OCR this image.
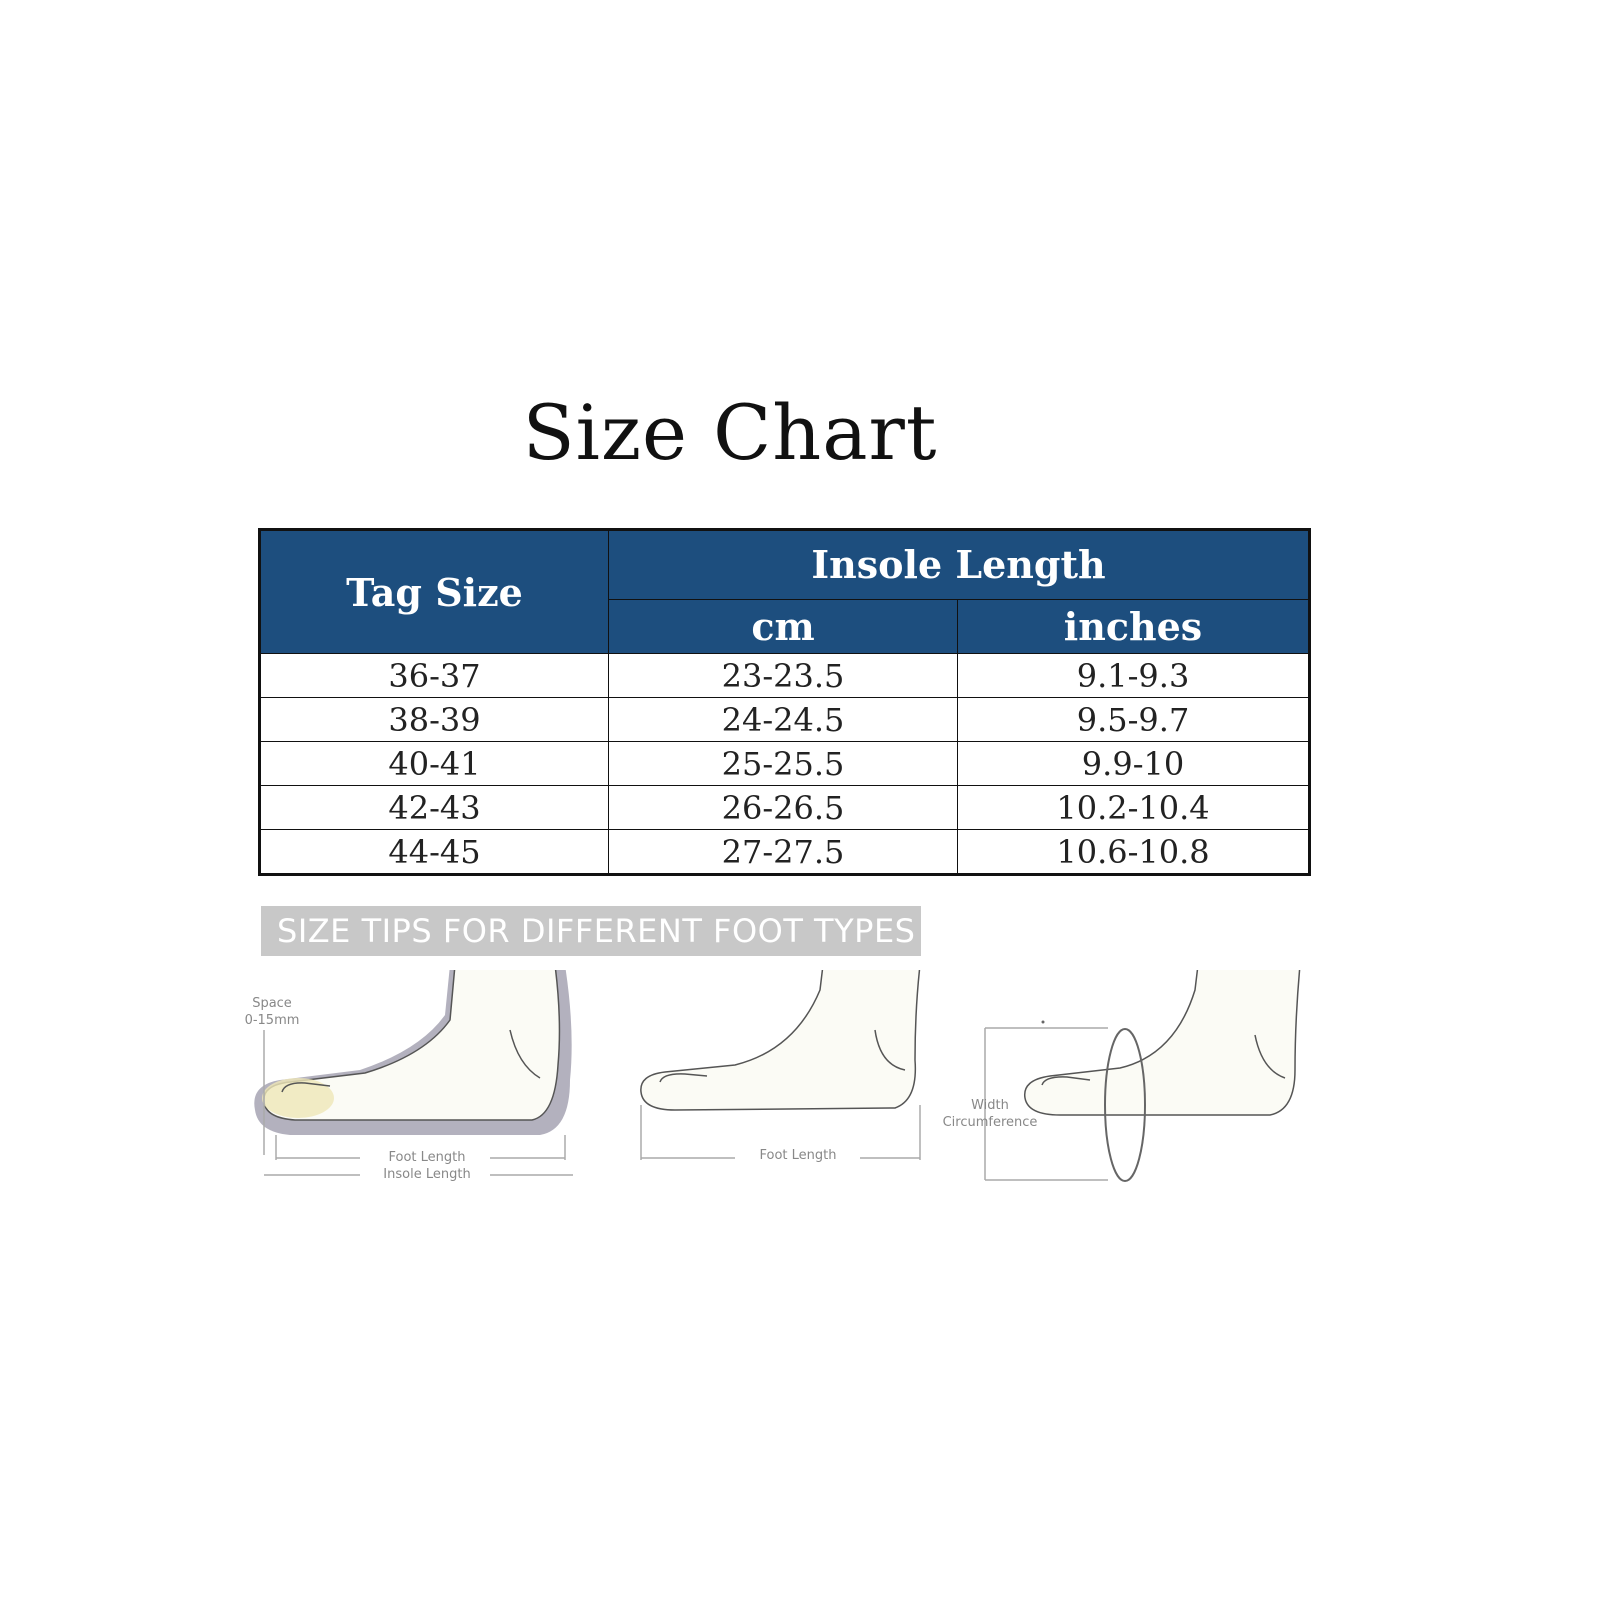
Size Chart
Tag Size	Insole Length	
	cm	inches
36-37	23-23.5	9.1-9.3
38-39	24-24.5	9.5-9.7
40-41	25-25.5	9.9-10
42-43	26-26.5	10.2-10.4
44-45	27-27.5	10.6-10.8
SIZE TIPS FOR DIFFERENT FOOT TYPES
Space
0-15mm
Foot Length
Insole Length
Foot Length
Width
Circumference
